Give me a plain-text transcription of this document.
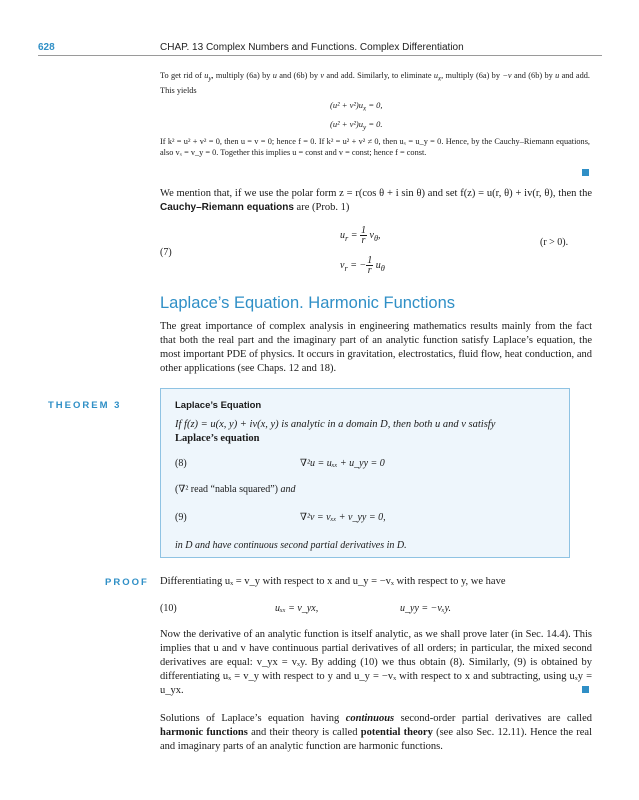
628	CHAP. 13 Complex Numbers and Functions. Complex Differentiation
To get rid of $u_y$, multiply (6a) by u and (6b) by v and add. Similarly, to eliminate $u_x$, multiply (6a) by −v and (6b) by u and add. This yields
$(u^2 + v^2)u_x = 0$,
$(u^2 + v^2)u_y = 0$.
If k² = u² + v² = 0, then u = v = 0; hence f = 0. If k² = u² + v² ≠ 0, then uₓ = u_y = 0. Hence, by the Cauchy–Riemann equations, also vₓ = v_y = 0. Together this implies u = const and v = const; hence f = const.
We mention that, if we use the polar form z = r(cos θ + i sin θ) and set f(z) = u(r, θ) + iv(r, θ), then the Cauchy–Riemann equations are (Prob. 1)
(7)
$u_r = \frac{1}{r} v_\theta$,
$v_r$ = − $\frac{1}{r} u_\theta$
(r > 0).
Laplace’s Equation. Harmonic Functions
The great importance of complex analysis in engineering mathematics results mainly from the fact that both the real part and the imaginary part of an analytic function satisfy Laplace’s equation, the most important PDE of physics. It occurs in gravitation, electrostatics, fluid flow, heat conduction, and other applications (see Chaps. 12 and 18).
THEOREM 3	Laplace’s Equation
If f(z) = u(x, y) + iv(x, y) is analytic in a domain D, then both u and v satisfy
Laplace’s equation
(8)	∇²u = uₓₓ + u_yy = 0
(∇² read “nabla squared”) and
(9)	∇²v = vₓₓ + v_yy = 0,
in D and have continuous second partial derivatives in D.
PROOF Differentiating uₓ = v_y with respect to x and u_y = −vₓ with respect to y, we have
(10)	uₓₓ = v_yx,	u_yy = −vₓy.
Now the derivative of an analytic function is itself analytic, as we shall prove later (in Sec. 14.4). This implies that u and v have continuous partial derivatives of all orders; in particular, the mixed second derivatives are equal: v_yx = vₓy. By adding (10) we thus obtain (8). Similarly, (9) is obtained by differentiating uₓ = v_y with respect to y and u_y = −vₓ with respect to x and subtracting, using uₓy = u_yx.
Solutions of Laplace’s equation having continuous second-order partial derivatives are called harmonic functions and their theory is called potential theory (see also Sec. 12.11). Hence the real and imaginary parts of an analytic function are harmonic functions.
